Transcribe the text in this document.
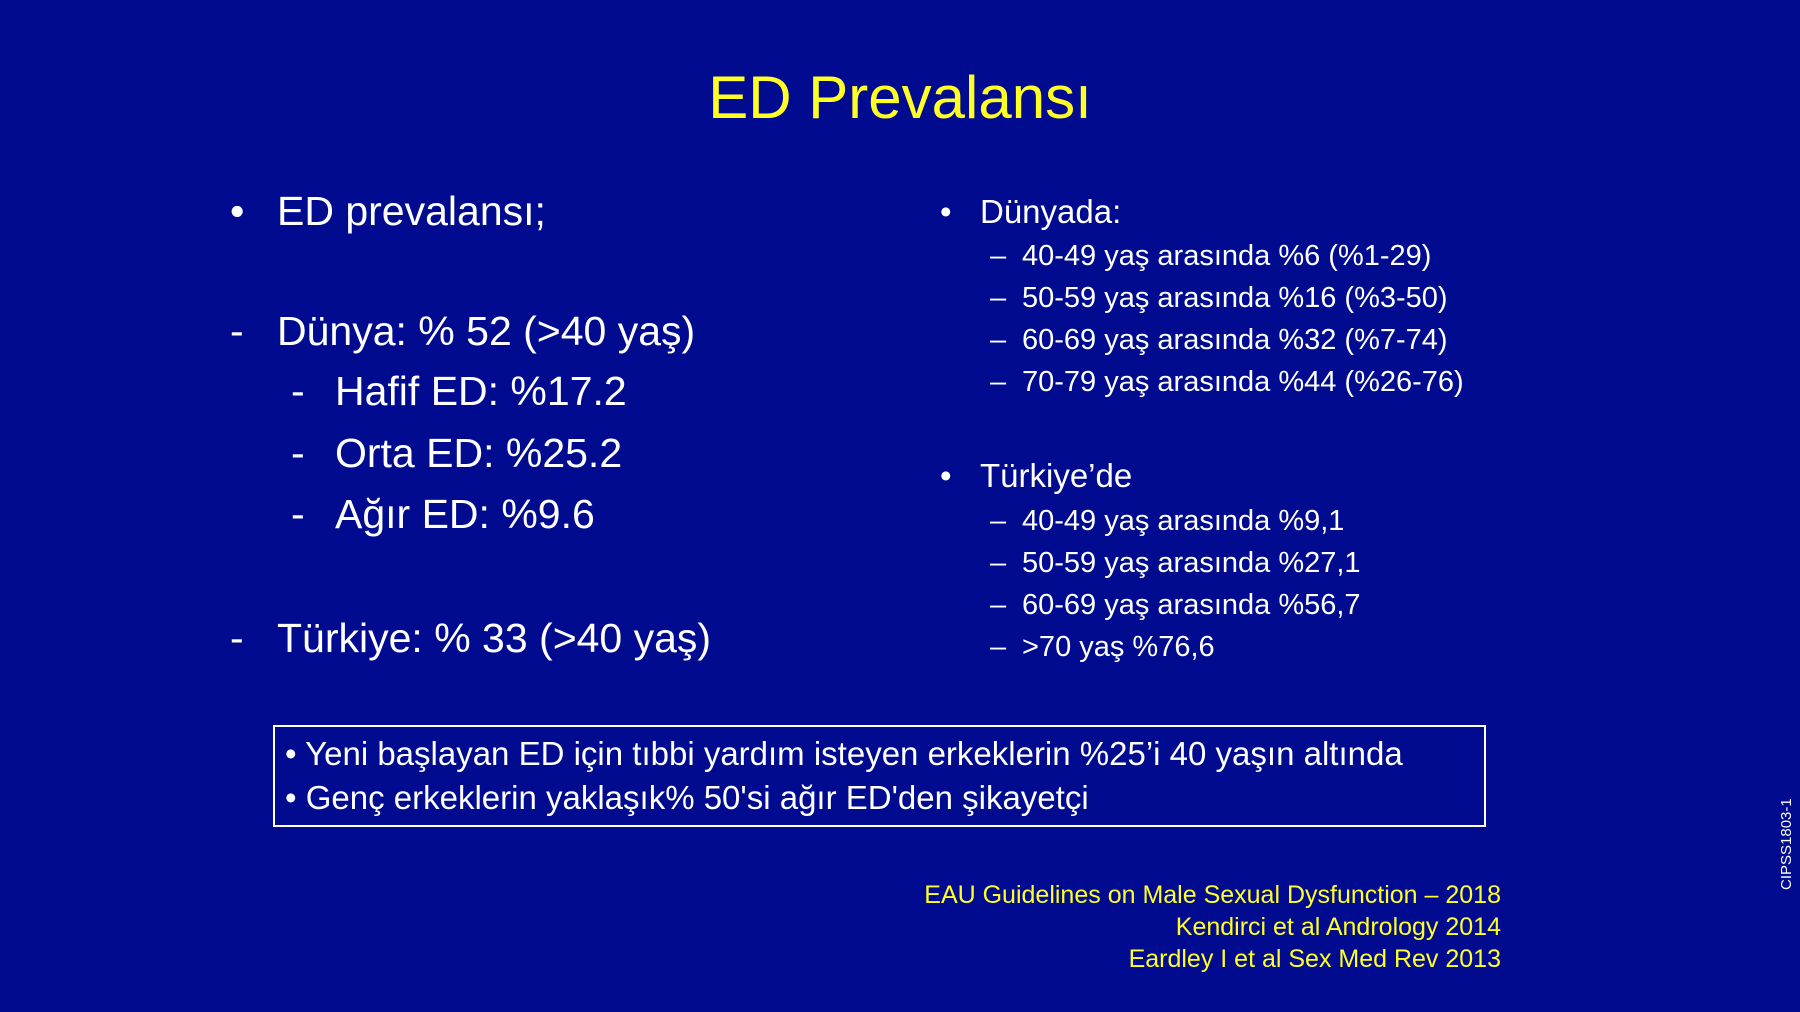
ED Prevalansı
• ED prevalansı;
- Dünya: % 52 (>40 yaş)
- Hafif ED: %17.2
- Orta ED: %25.2
- Ağır ED: %9.6
- Türkiye: % 33 (>40 yaş)
• Dünyada:
– 40-49 yaş arasında %6 (%1-29)
– 50-59 yaş arasında %16 (%3-50)
– 60-69 yaş arasında %32 (%7-74)
– 70-79 yaş arasında %44 (%26-76)
• Türkiye’de
– 40-49 yaş arasında %9,1
– 50-59 yaş arasında %27,1
– 60-69 yaş arasında %56,7
– >70 yaş %76,6
• Yeni başlayan ED için tıbbi yardım isteyen erkeklerin %25’i 40 yaşın altında
• Genç erkeklerin yaklaşık% 50'si ağır ED'den şikayetçi
EAU Guidelines on Male Sexual Dysfunction – 2018
Kendirci et al Andrology 2014
Eardley I et al Sex Med Rev 2013
CIPSS1803-1
